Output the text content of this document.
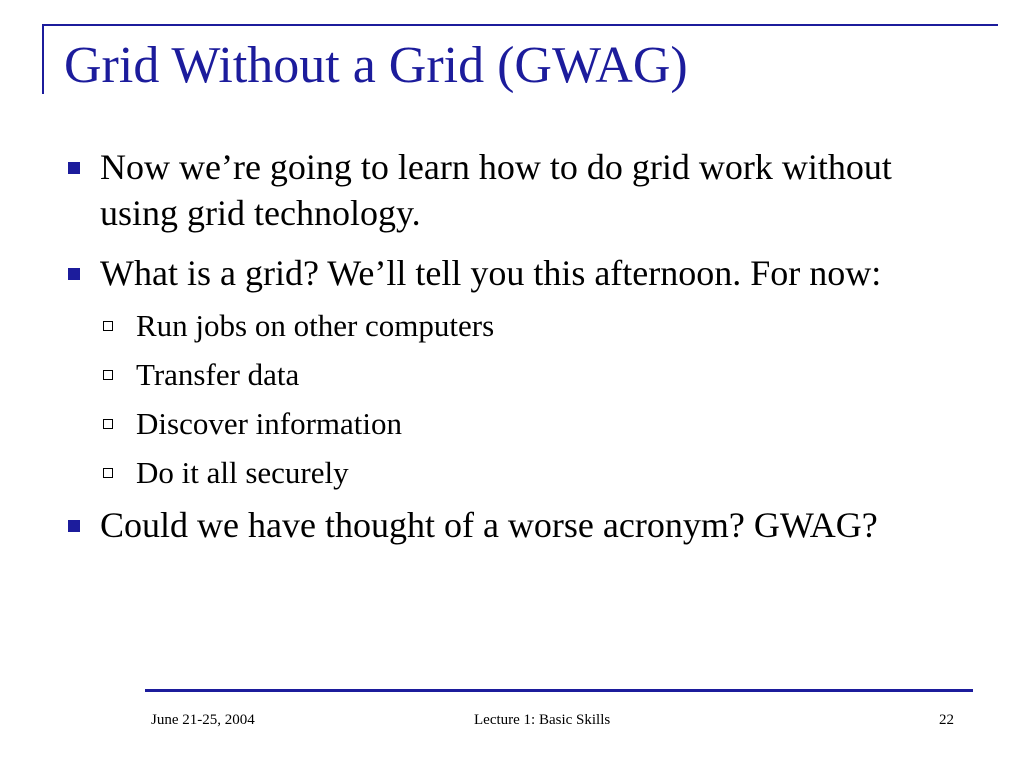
Grid Without a Grid (GWAG)
Now we’re going to learn how to do grid work without using grid technology.
What is a grid? We’ll tell you this afternoon. For now:
Run jobs on other computers
Transfer data
Discover information
Do it all securely
Could we have thought of a worse acronym? GWAG?
June 21-25, 2004	Lecture 1: Basic Skills	22
